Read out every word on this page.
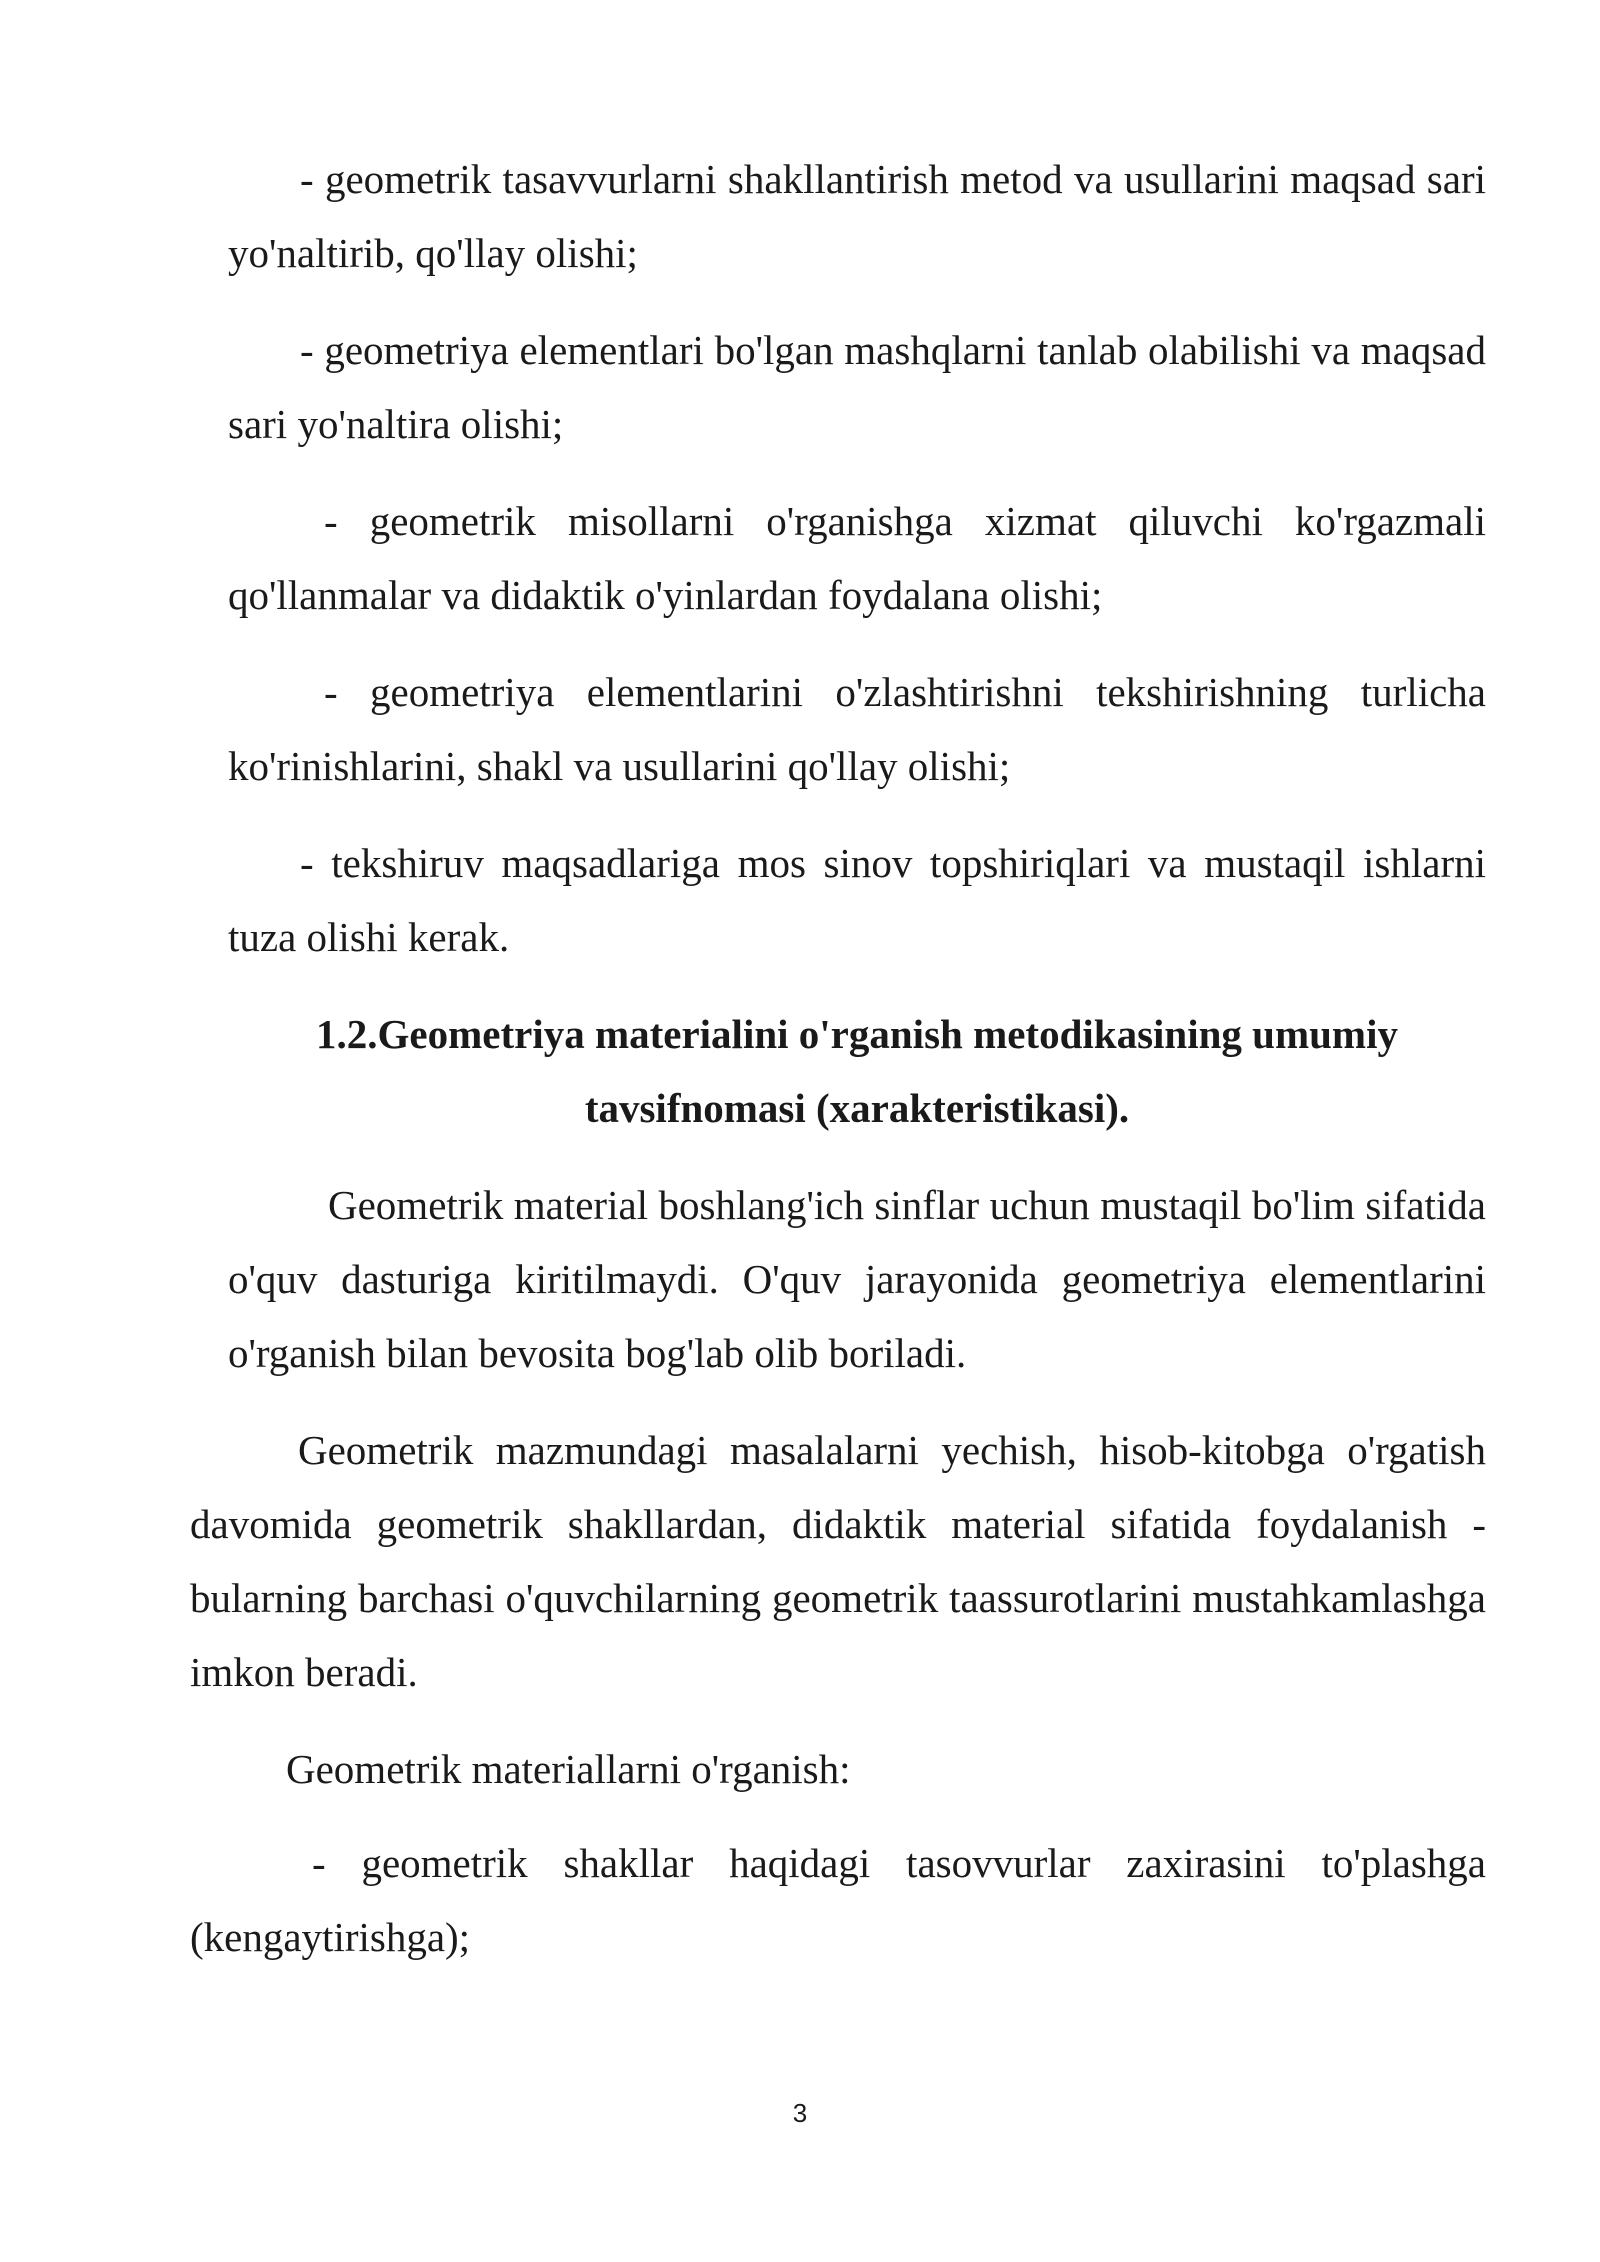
- geometrik tasavvurlarni shakllantirish metod va usullarini maqsad sari yo'naltirib, qo'llay olishi;
- geometriya elementlari bo'lgan mashqlarni tanlab olabilishi va maqsad sari yo'naltira olishi;
- geometrik misollarni o'rganishga xizmat qiluvchi ko'rgazmali qo'llanmalar va didaktik o'yinlardan foydalana olishi;
- geometriya elementlarini o'zlashtirishni tekshirishning turlicha ko'rinishlarini, shakl va usullarini qo'llay olishi;
- tekshiruv maqsadlariga mos sinov topshiriqlari va mustaqil ishlarni tuza olishi kerak.
1.2.Geometriya materialini o'rganish metodikasining umumiy tavsifnomasi (xarakteristikasi).
Geometrik material boshlang'ich sinflar uchun mustaqil bo'lim sifatida o'quv dasturiga kiritilmaydi. O'quv jarayonida geometriya elementlarini o'rganish bilan bevosita bog'lab olib boriladi.
Geometrik mazmundagi masalalarni yechish, hisob-kitobga o'rgatish davomida geometrik shakllardan, didaktik material sifatida foydalanish - bularning barchasi o'quvchilarning geometrik taassurotlarini mustahkamlashga imkon beradi.
Geometrik materiallarni o'rganish:
- geometrik shakllar haqidagi tasovvurlar zaxirasini to'plashga (kengaytirishga);
3
